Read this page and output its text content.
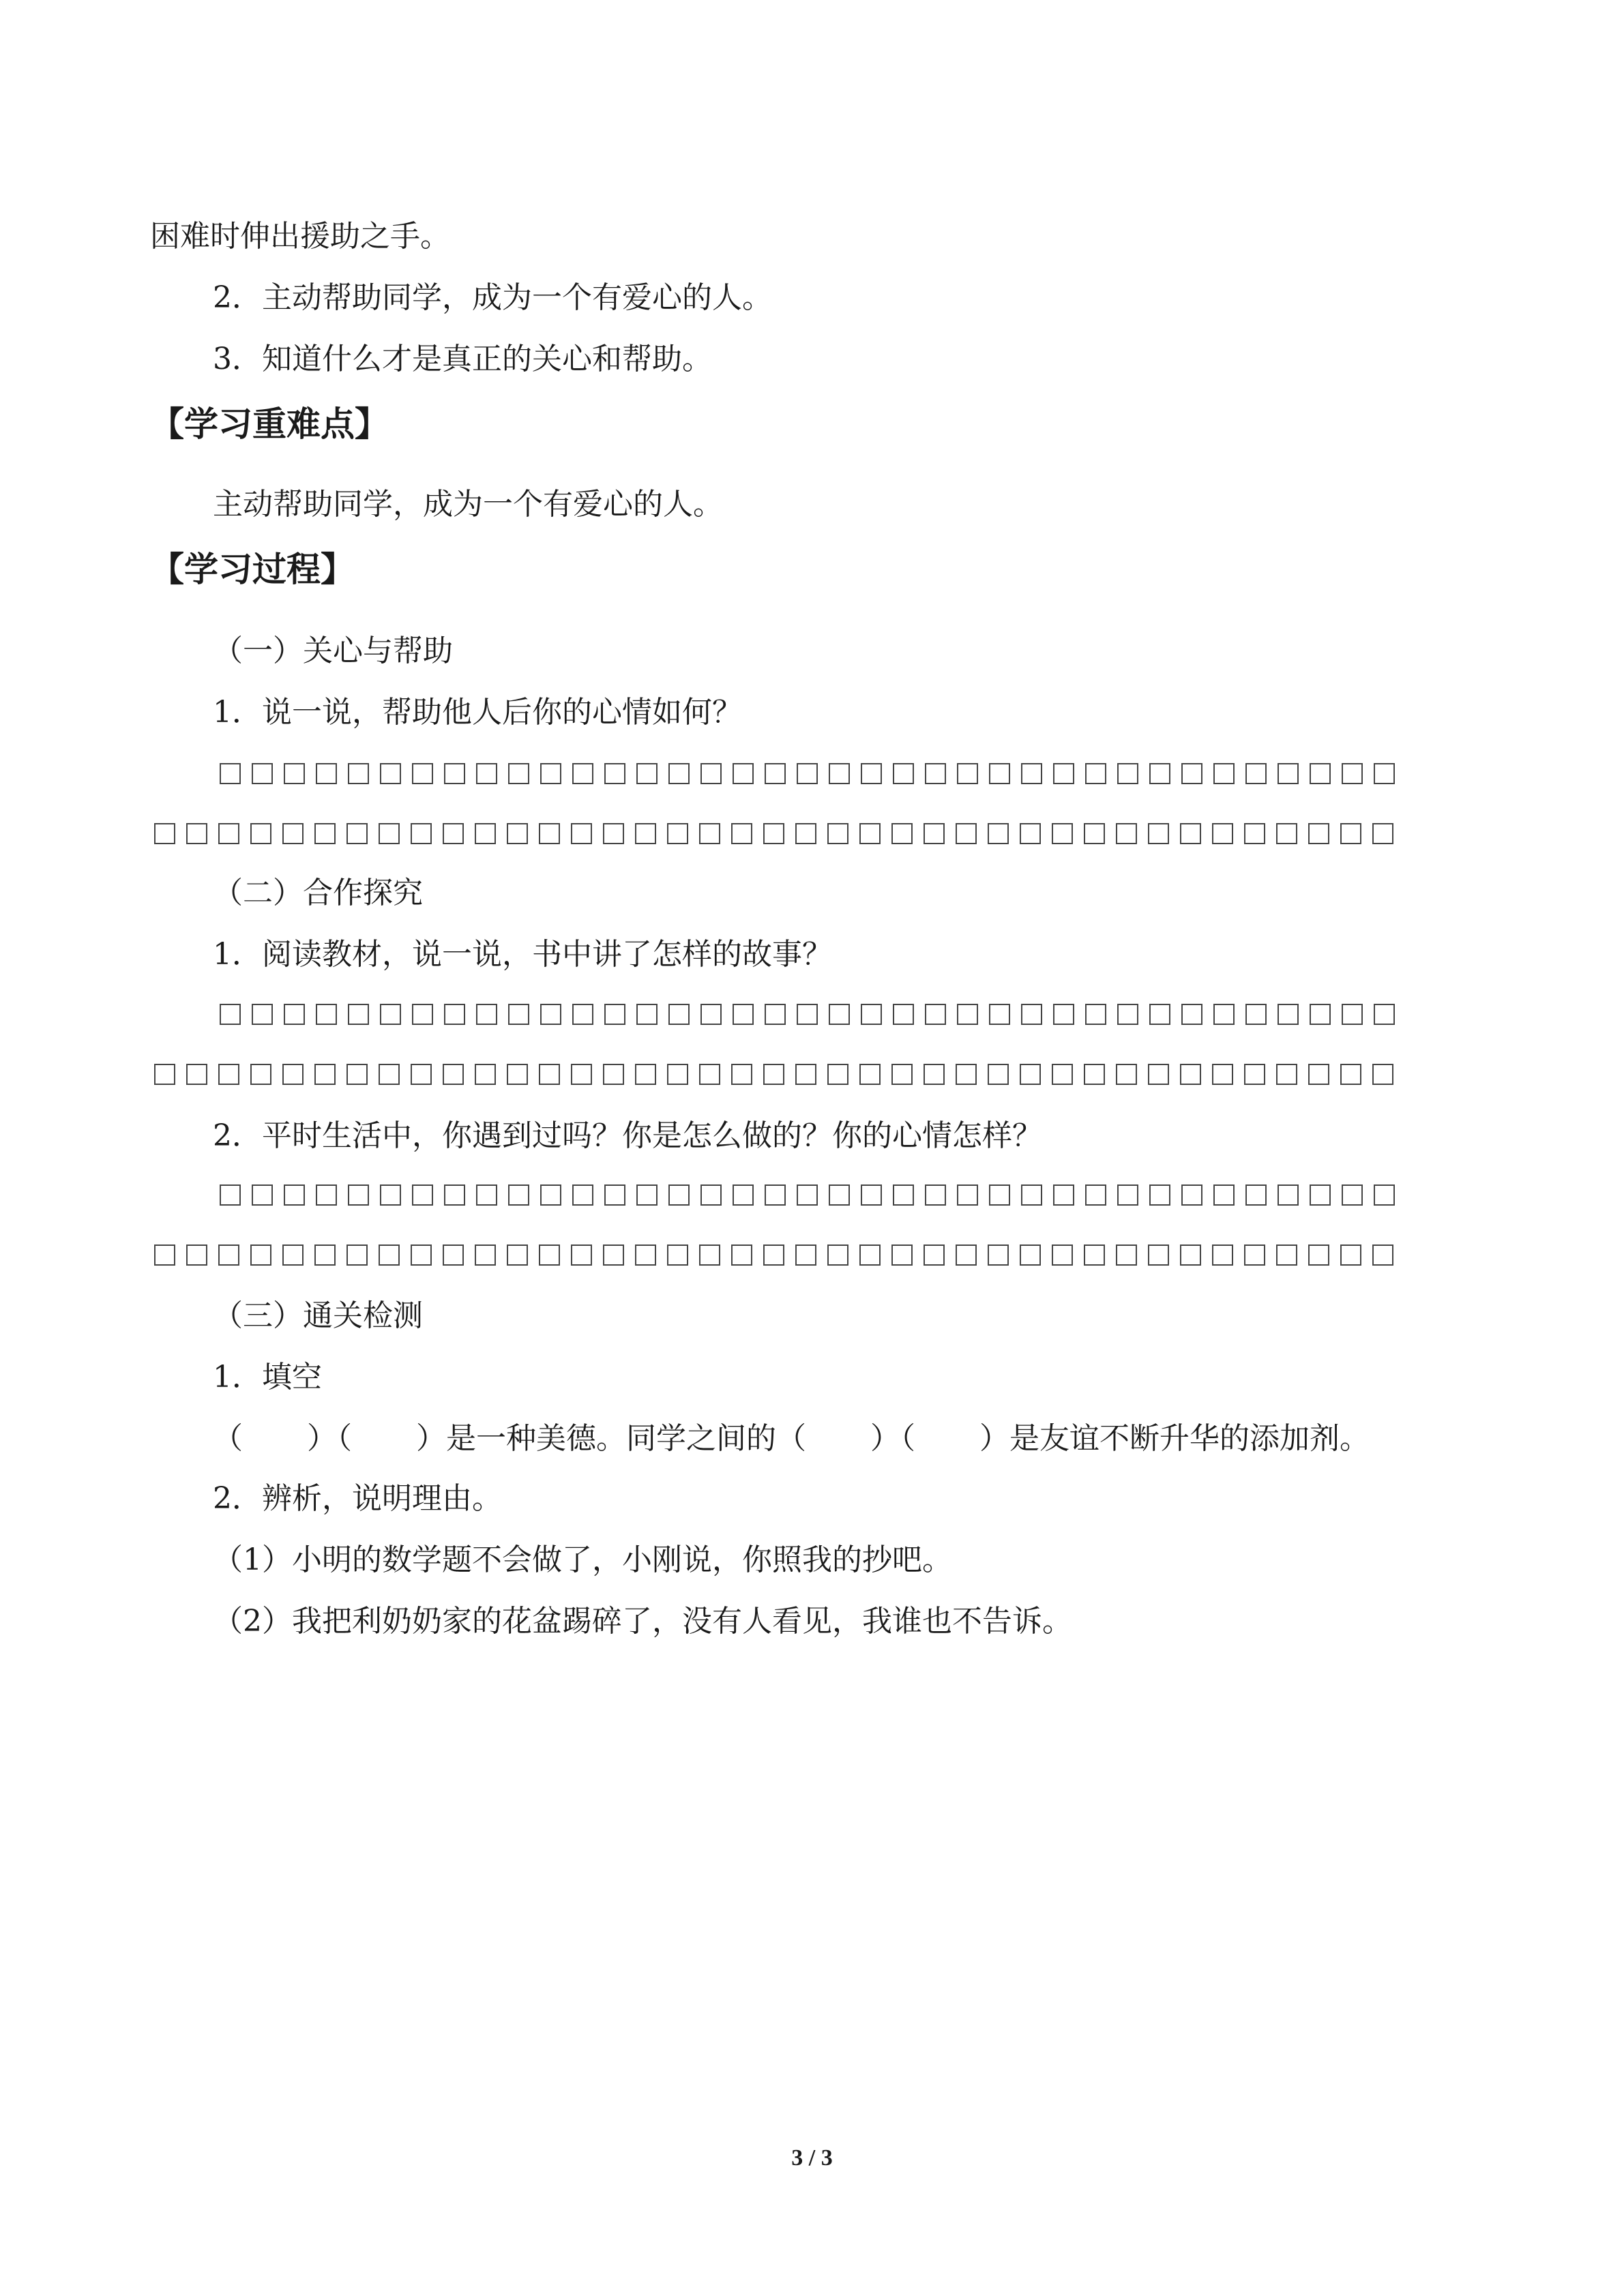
困难时伸出援助之手。
2．主动帮助同学，成为一个有爱心的人。
3．知道什么才是真正的关心和帮助。
【学习重难点】
主动帮助同学，成为一个有爱心的人。
【学习过程】
（一）关心与帮助
1．说一说，帮助他人后你的心情如何？
（二）合作探究
1．阅读教材，说一说，书中讲了怎样的故事？
2．平时生活中，你遇到过吗？你是怎么做的？你的心情怎样？
（三）通关检测
1．填空
（ ）（ ）是一种美德。同学之间的（ ）（ ）是友谊不断升华的添加剂。
2．辨析，说明理由。
（1）小明的数学题不会做了，小刚说，你照我的抄吧。
（2）我把利奶奶家的花盆踢碎了，没有人看见，我谁也不告诉。
3 / 3
